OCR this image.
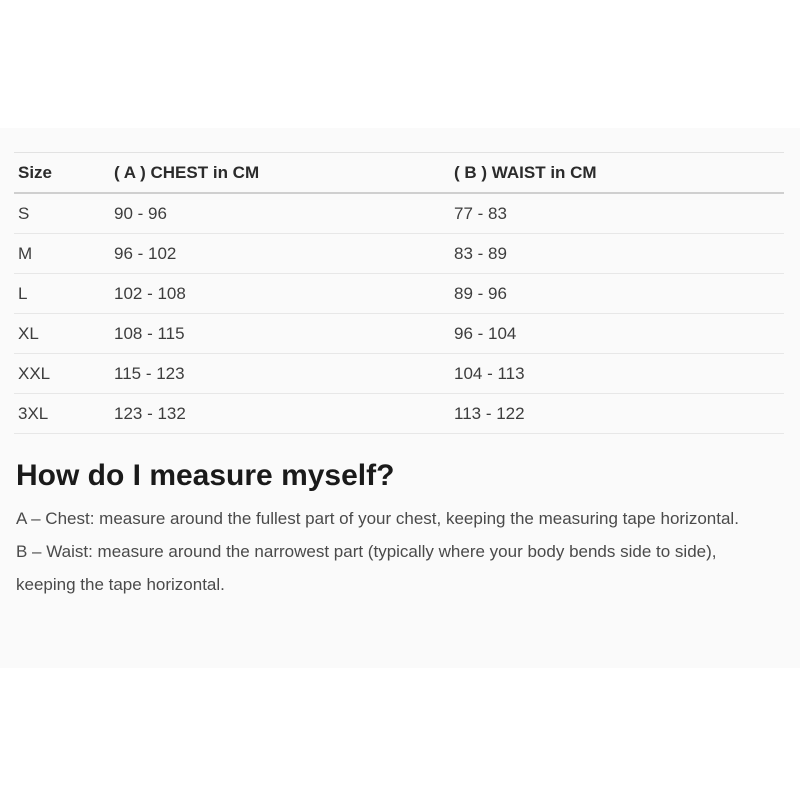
Size	( A ) CHEST in CM	( B ) WAIST in CM
S	90 - 96	77 - 83
M	96 - 102	83 - 89
L	102 - 108	89 - 96
XL	108 - 115	96 - 104
XXL	115 - 123	104 - 113
3XL	123 - 132	113 - 122
How do I measure myself?

A – Chest: measure around the fullest part of your chest, keeping the measuring tape horizontal.

B – Waist: measure around the narrowest part (typically where your body bends side to side), keeping the tape horizontal.
